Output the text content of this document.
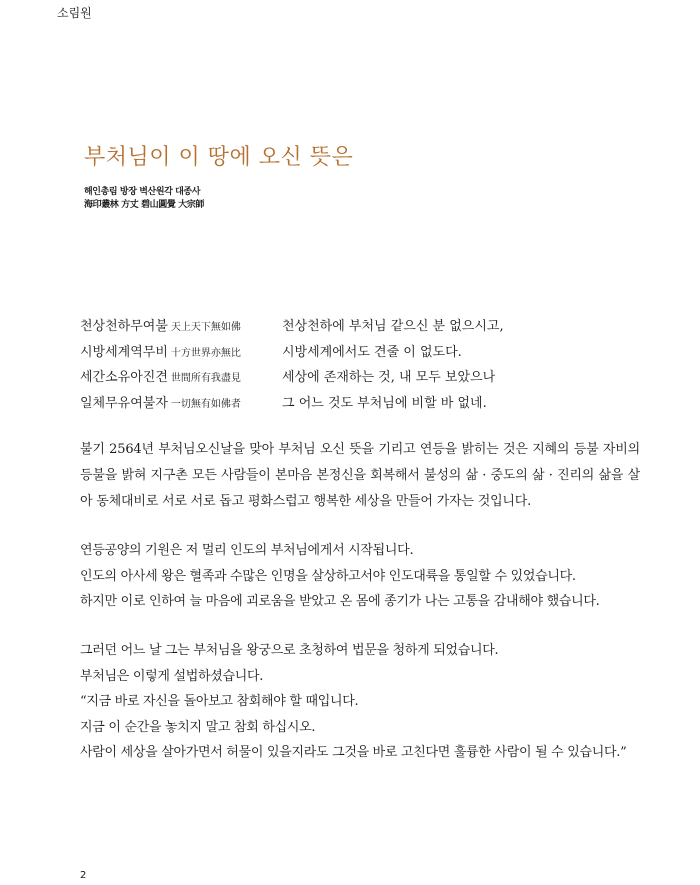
소림원
부처님이 이 땅에 오신 뜻은
해인총림 방장 벽산원각 대종사
海印叢林 方丈 碧山圓覺 大宗師
천상천하무여불 天上天下無如佛	천상천하에 부처님 같으신 분 없으시고,
시방세계역무비 十方世界亦無比	시방세계에서도 견줄 이 없도다.
세간소유아진견 世間所有我盡見	세상에 존재하는 것, 내 모두 보았으나
일체무유여불자 一切無有如佛者	그 어느 것도 부처님에 비할 바 없네.

불기 2564년 부처님오신날을 맞아 부처님 오신 뜻을 기리고 연등을 밝히는 것은 지혜의 등불 자비의 등불을 밝혀 지구촌 모든 사람들이 본마음 본정신을 회복해서 불성의 삶 · 중도의 삶 · 진리의 삶을 살아 동체대비로 서로 서로 돕고 평화스럽고 행복한 세상을 만들어 가자는 것입니다.

연등공양의 기원은 저 멀리 인도의 부처님에게서 시작됩니다.
인도의 아사세 왕은 혈족과 수많은 인명을 살상하고서야 인도대륙을 통일할 수 있었습니다.
하지만 이로 인하여 늘 마음에 괴로움을 받았고 온 몸에 종기가 나는 고통을 감내해야 했습니다.
그러던 어느 날 그는 부처님을 왕궁으로 초청하여 법문을 청하게 되었습니다.
부처님은 이렇게 설법하셨습니다.
“지금 바로 자신을 돌아보고 참회해야 할 때입니다.
지금 이 순간을 놓치지 말고 참회 하십시오.
사람이 세상을 살아가면서 허물이 있을지라도 그것을 바로 고친다면 훌륭한 사람이 될 수 있습니다.”
2
